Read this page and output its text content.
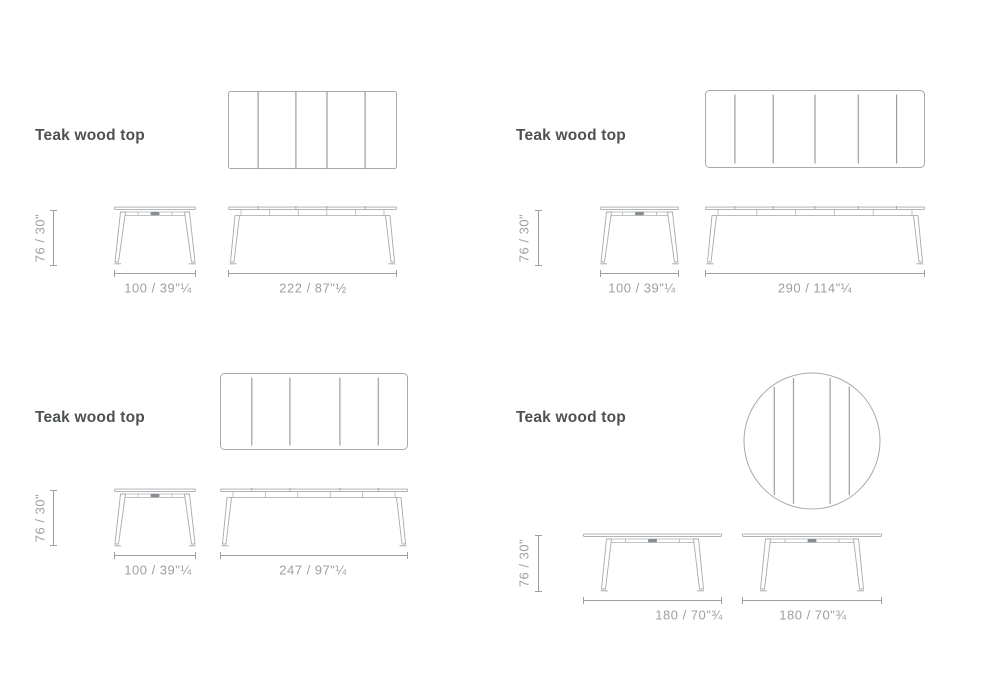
Teak wood top
76 / 30"
100 / 39"¼	222 / 87"½
Teak wood top
76 / 30"
100 / 39"¼	290 / 114"¼
Teak wood top
76 / 30"
100 / 39"¼	247 / 97"¼
Teak wood top
76 / 30"
180 / 70"¾	180 / 70"¾
